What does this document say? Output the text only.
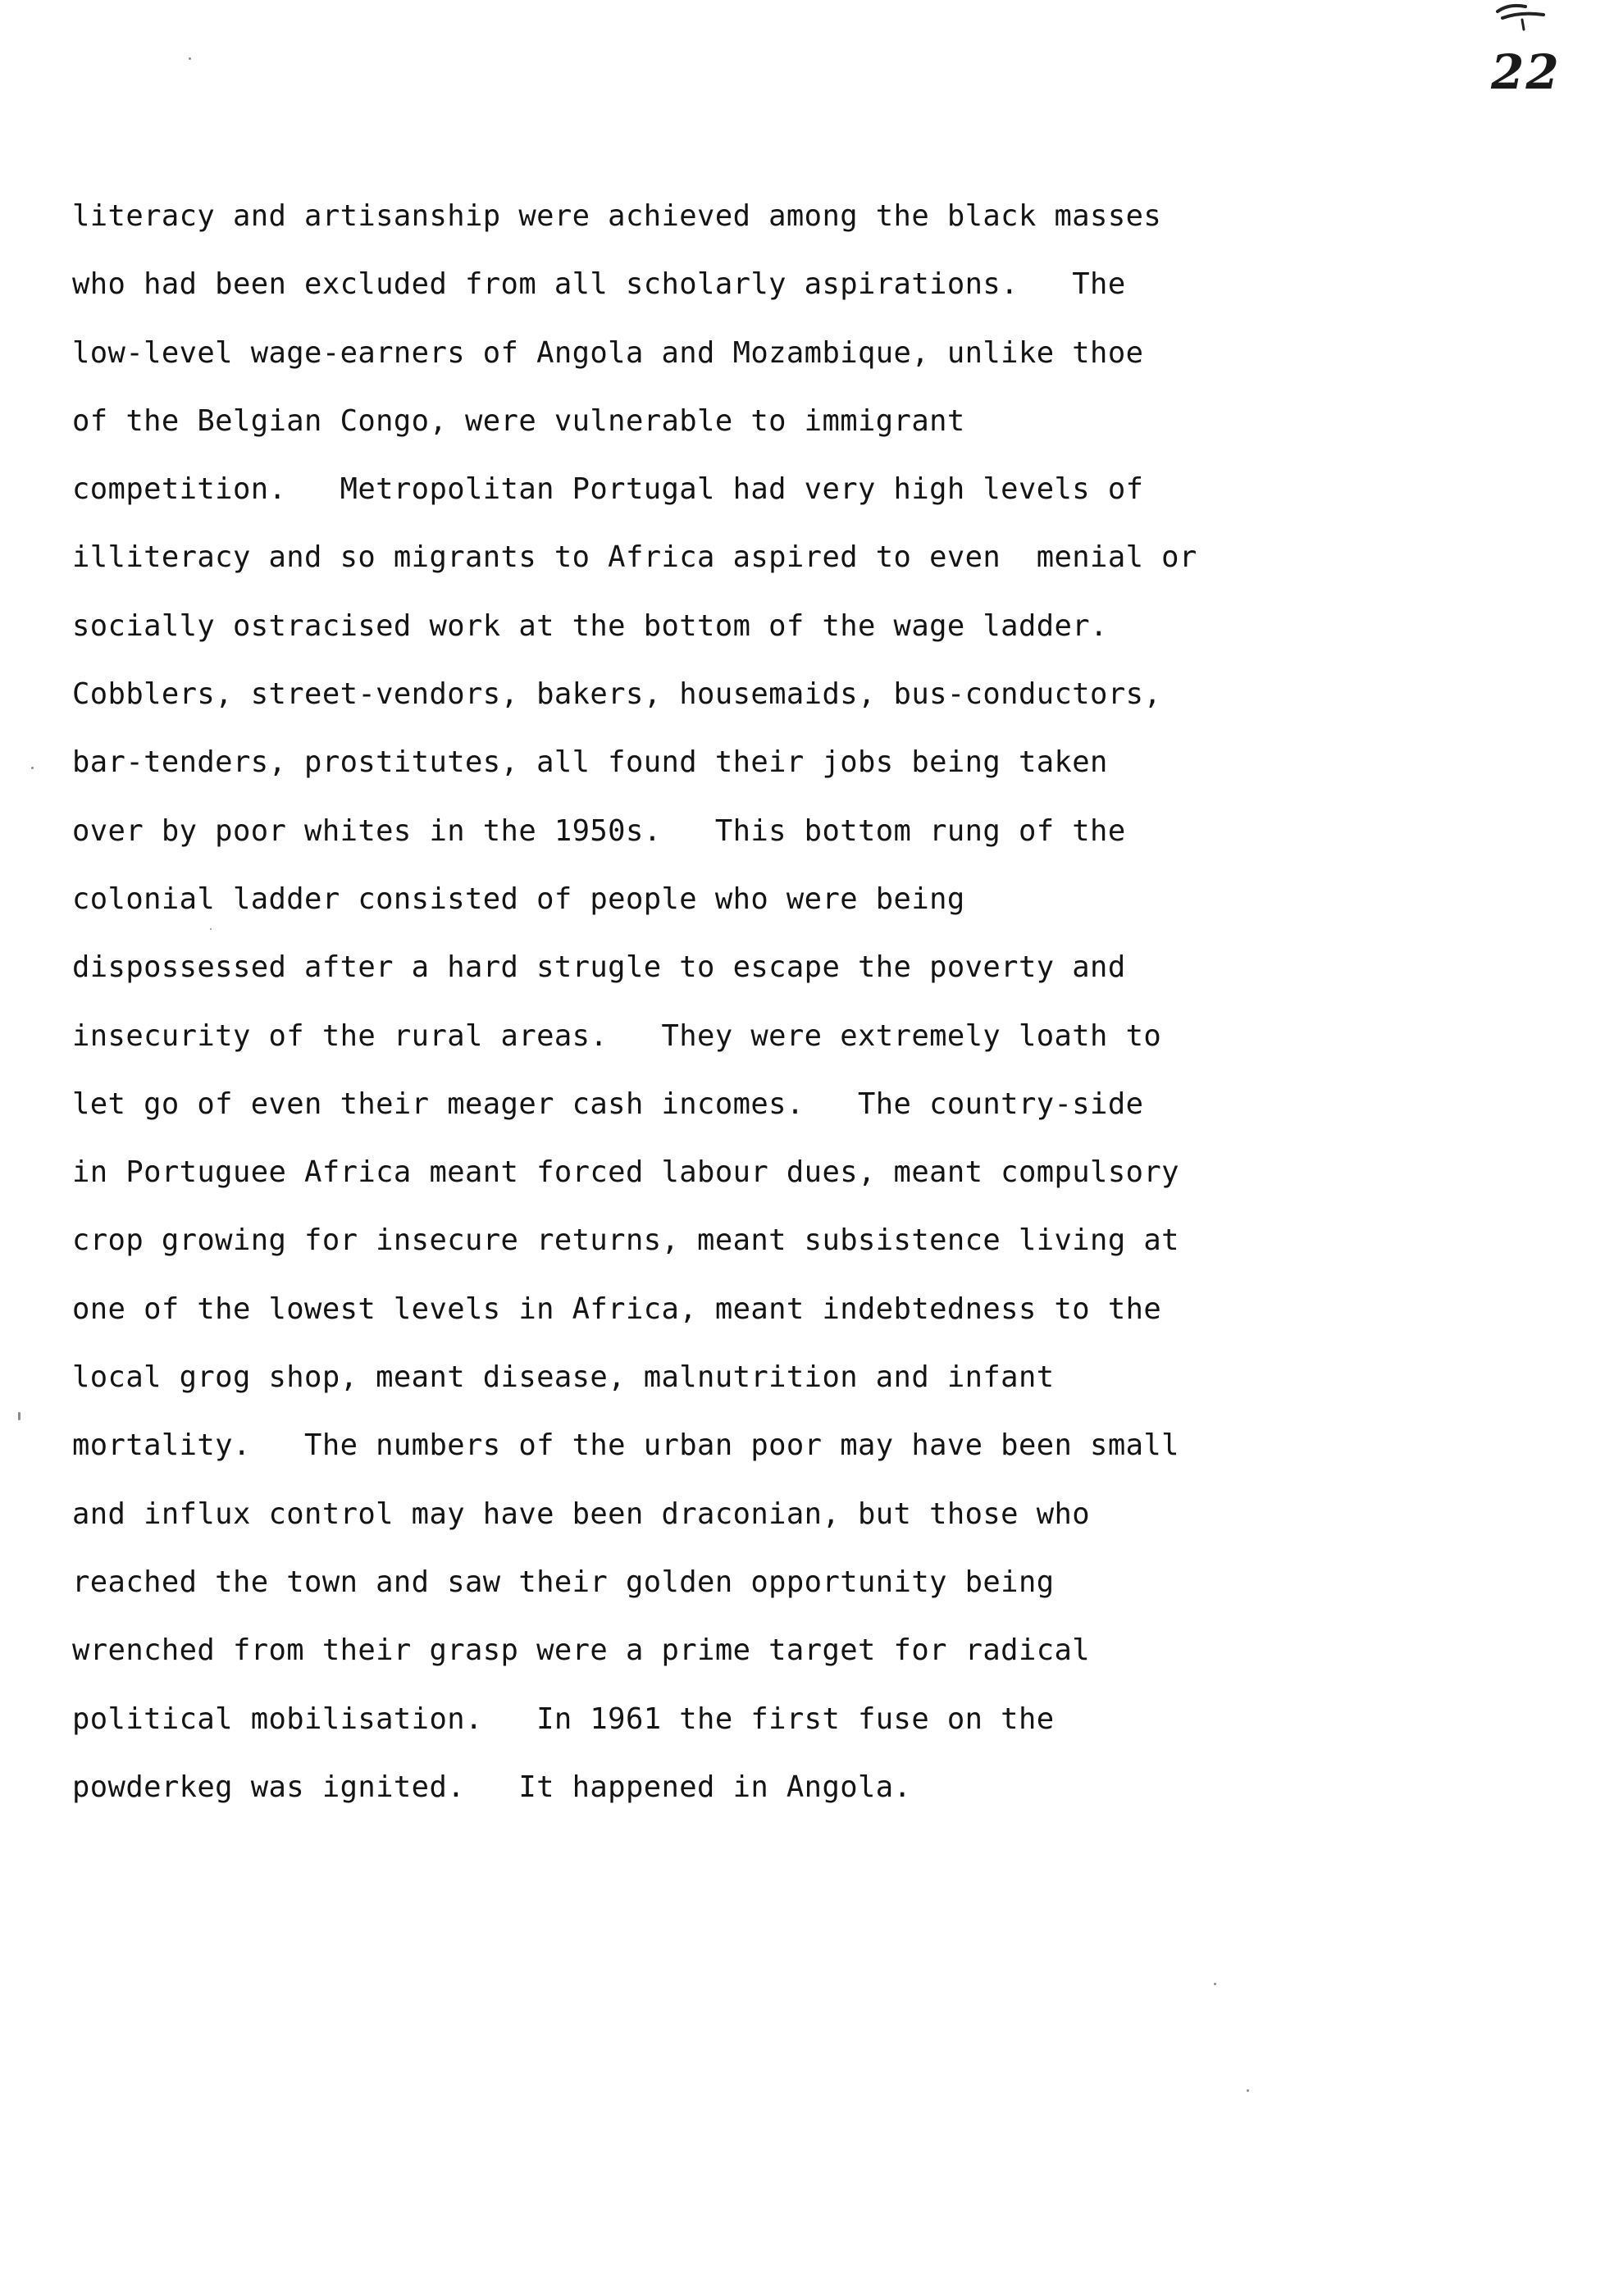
22
literacy and artisanship were achieved among the black masses
who had been excluded from all scholarly aspirations.   The
low-level wage-earners of Angola and Mozambique, unlike thoe
of the Belgian Congo, were vulnerable to immigrant
competition.   Metropolitan Portugal had very high levels of
illiteracy and so migrants to Africa aspired to even  menial or
socially ostracised work at the bottom of the wage ladder.
Cobblers, street-vendors, bakers, housemaids, bus-conductors,
bar-tenders, prostitutes, all found their jobs being taken
over by poor whites in the 1950s.   This bottom rung of the
colonial ladder consisted of people who were being
dispossessed after a hard strugle to escape the poverty and
insecurity of the rural areas.   They were extremely loath to
let go of even their meager cash incomes.   The country-side
in Portuguee Africa meant forced labour dues, meant compulsory
crop growing for insecure returns, meant subsistence living at
one of the lowest levels in Africa, meant indebtedness to the
local grog shop, meant disease, malnutrition and infant
mortality.   The numbers of the urban poor may have been small
and influx control may have been draconian, but those who
reached the town and saw their golden opportunity being
wrenched from their grasp were a prime target for radical
political mobilisation.   In 1961 the first fuse on the
powderkeg was ignited.   It happened in Angola.
